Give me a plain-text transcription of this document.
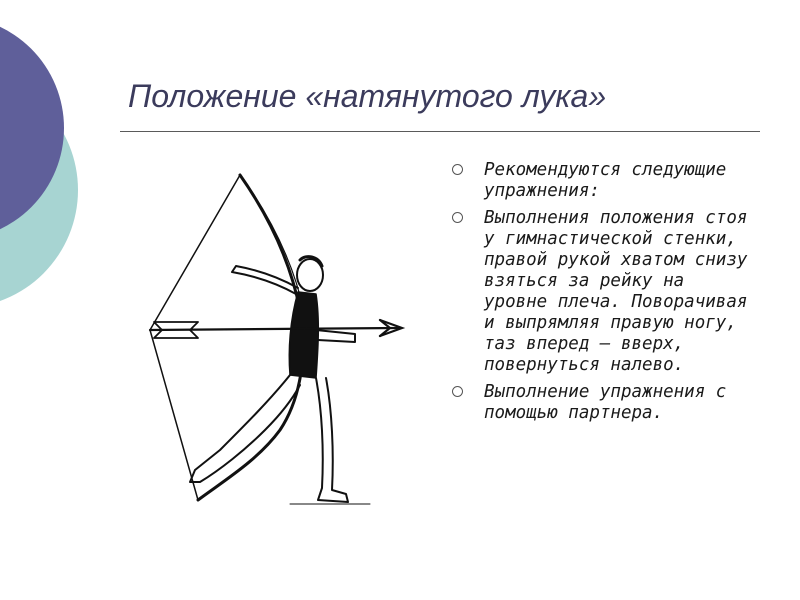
Положение «натянутого лука»
Рекомендуются следующие упражнения:
Выполнения положения стоя у гимнастической стенки, правой рукой хватом снизу взяться за рейку на уровне плеча. Поворачивая и выпрямляя правую ногу, таз вперед – вверх, повернуться налево.
Выполнение упражнения с помощью партнера.
